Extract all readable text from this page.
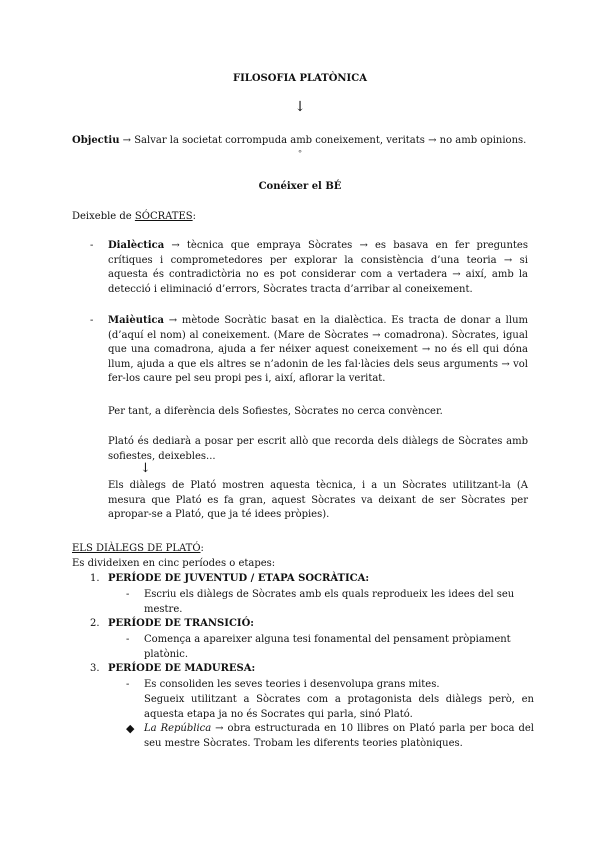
FILOSOFIA PLATÒNICA
↓
Objectiu → Salvar la societat corrompuda amb coneixement, veritats → no amb opinions.
ᵒ
Conéixer el BÉ
Deixeble de SÓCRATES:
- Dialèctica → tècnica que empraya Sòcrates → es basava en fer preguntes crítiques i comprometedores per explorar la consistència d’una teoria → si aquesta és contradictòria no es pot considerar com a vertadera → així, amb la detecció i eliminació d’errors, Sòcrates tracta d’arribar al coneixement.

- Maièutica → mètode Socràtic basat en la dialèctica. Es tracta de donar a llum (d’aquí el nom) al coneixement. (Mare de Sòcrates → comadrona). Sòcrates, igual que una comadrona, ajuda a fer néixer aquest coneixement → no és ell qui dóna llum, ajuda a que els altres se n’adonin de les fal·làcies dels seus arguments → vol fer-los caure pel seu propi pes i, així, aflorar la veritat.

Per tant, a diferència dels Sofiestes, Sòcrates no cerca convèncer.

Plató és dediarà a posar per escrit allò que recorda dels diàlegs de Sòcrates amb sofiestes, deixebles...

↓

Els diàlegs de Plató mostren aquesta tècnica, i a un Sòcrates utilitzant-la (A mesura que Plató es fa gran, aquest Sòcrates va deixant de ser Sòcrates per apropar-se a Plató, que ja té idees pròpies).

ELS DIÀLEGS DE PLATÓ:
Es divideixen en cinc períodes o etapes:
1. PERÍODE DE JUVENTUD / ETAPA SOCRÀTICA:
- Escriu els diàlegs de Sòcrates amb els quals reprodueix les idees del seu mestre.
2. PERÍODE DE TRANSICIÓ:
- Comença a apareixer alguna tesi fonamental del pensament pròpiament platònic.
3. PERÍODE DE MADURESA:
- Es consoliden les seves teories i desenvolupa grans mites.

Segueix utilitzant a Sòcrates com a protagonista dels diàlegs però, en aquesta etapa ja no és Socrates qui parla, sinó Plató.

◆ La República → obra estructurada en 10 llibres on Plató parla per boca del seu mestre Sòcrates. Trobam les diferents teories platòniques.
